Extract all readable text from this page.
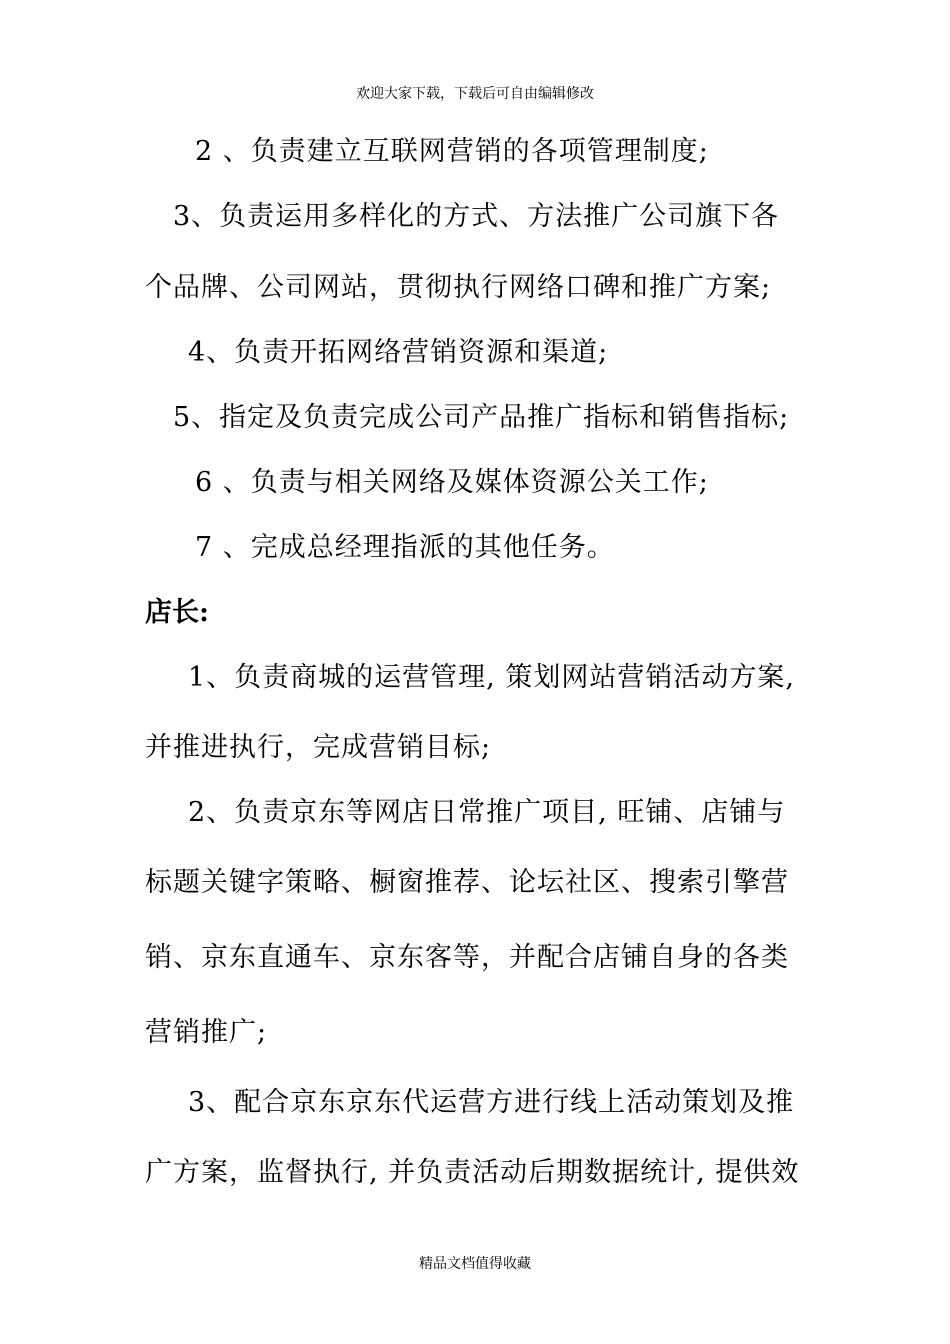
欢迎大家下载，下载后可自由编辑修改
2 、负责建立互联网营销的各项管理制度;
3、负责运用多样化的方式、方法推广公司旗下各
个品牌、公司网站，贯彻执行网络口碑和推广方案;
4、负责开拓网络营销资源和渠道;
5、指定及负责完成公司产品推广指标和销售指标;
6 、负责与相关网络及媒体资源公关工作;
7 、完成总经理指派的其他任务。
店长:
1、负责商城的运营管理, 策划网站营销活动方案,
并推进执行，完成营销目标;
2、负责京东等网店日常推广项目, 旺铺、店铺与
标题关键字策略、橱窗推荐、论坛社区、搜索引擎营
销、京东直通车、京东客等，并配合店铺自身的各类
营销推广;
3、配合京东京东代运营方进行线上活动策划及推
广方案，监督执行, 并负责活动后期数据统计, 提供效
精品文档值得收藏
